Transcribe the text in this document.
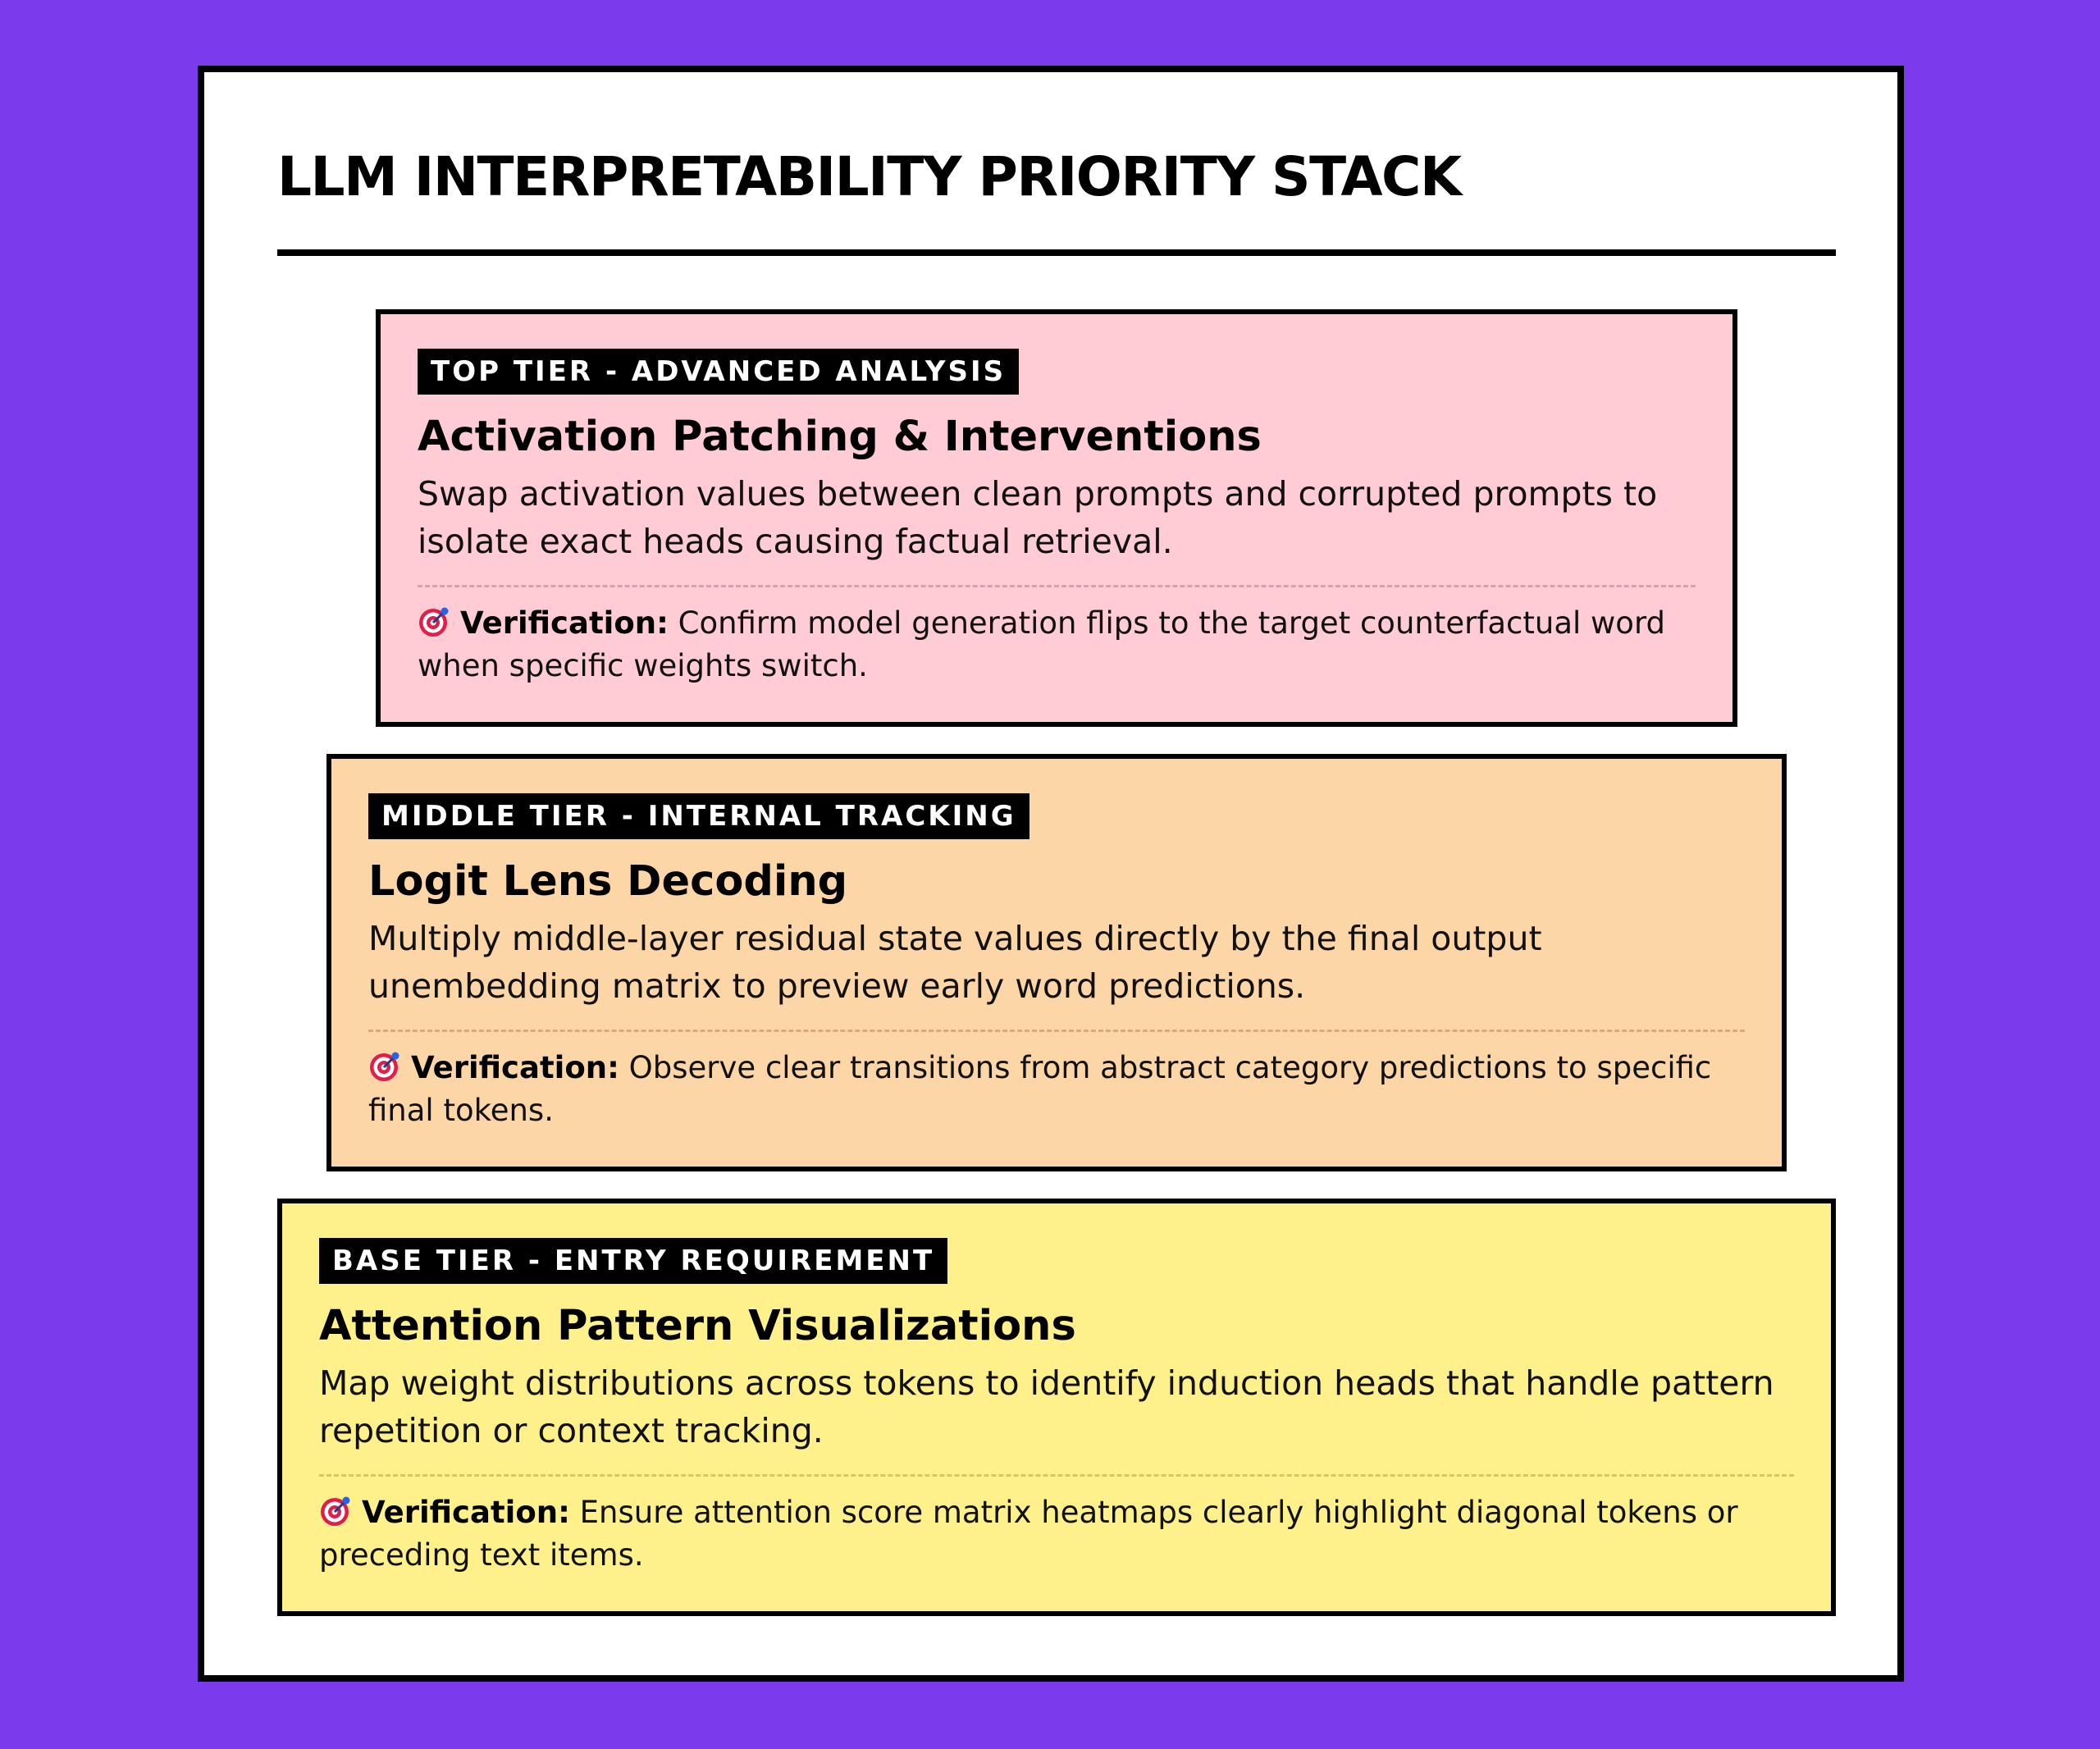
LLM INTERPRETABILITY PRIORITY STACK
TOP TIER - ADVANCED ANALYSIS
Activation Patching & Interventions
Swap activation values between clean prompts and corrupted prompts to isolate exact heads causing factual retrieval.
Verification: Confirm model generation flips to the target counterfactual word when specific weights switch.
MIDDLE TIER - INTERNAL TRACKING
Logit Lens Decoding
Multiply middle-layer residual state values directly by the final output unembedding matrix to preview early word predictions.
Verification: Observe clear transitions from abstract category predictions to specific final tokens.
BASE TIER - ENTRY REQUIREMENT
Attention Pattern Visualizations
Map weight distributions across tokens to identify induction heads that handle pattern repetition or context tracking.
Verification: Ensure attention score matrix heatmaps clearly highlight diagonal tokens or preceding text items.
